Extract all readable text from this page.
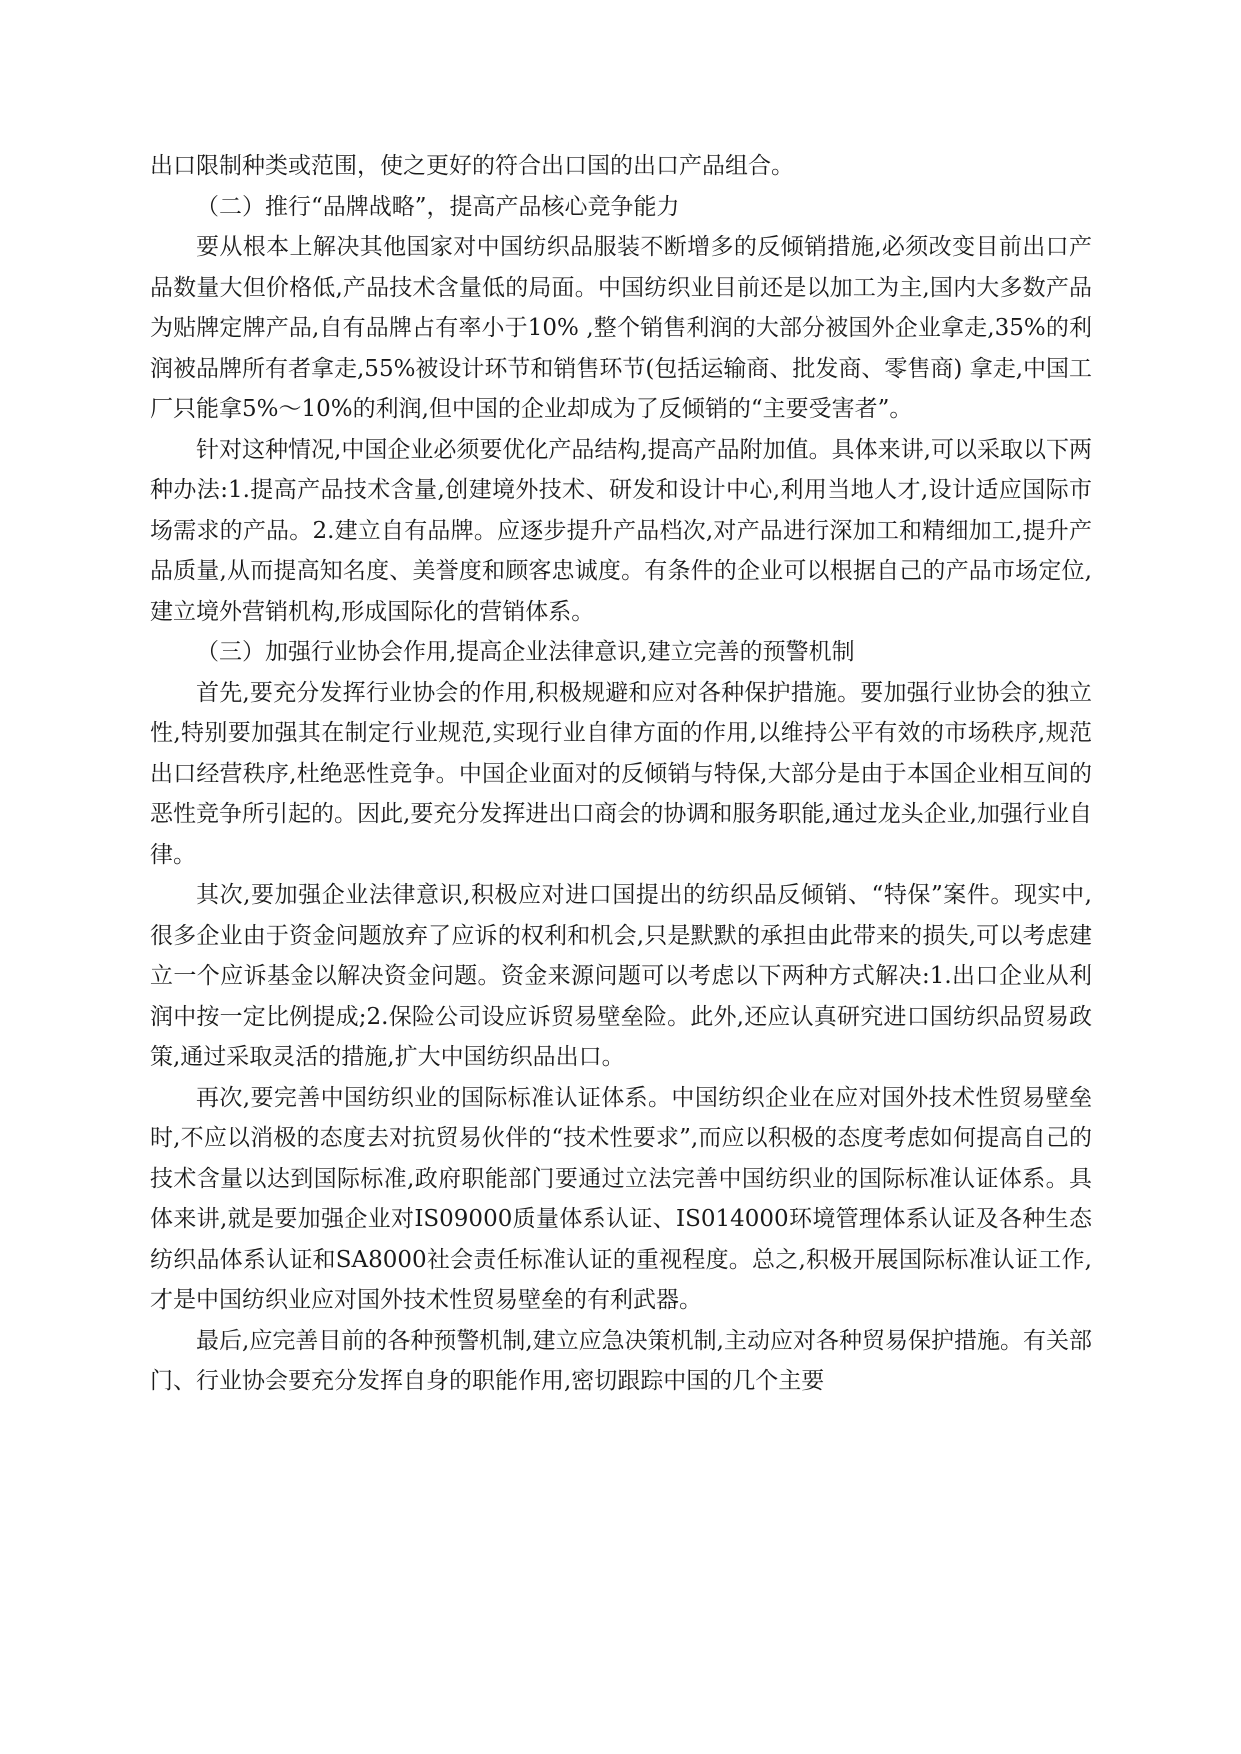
出口限制种类或范围，使之更好的符合出口国的出口产品组合。

（二）推行“品牌战略”，提高产品核心竞争能力

要从根本上解决其他国家对中国纺织品服装不断增多的反倾销措施,必须改变目前出口产品数量大但价格低,产品技术含量低的局面。中国纺织业目前还是以加工为主,国内大多数产品为贴牌定牌产品,自有品牌占有率小于10% ,整个销售利润的大部分被国外企业拿走,35%的利润被品牌所有者拿走,55%被设计环节和销售环节(包括运输商、批发商、零售商) 拿走,中国工厂只能拿5%～10%的利润,但中国的企业却成为了反倾销的“主要受害者”。

针对这种情况,中国企业必须要优化产品结构,提高产品附加值。具体来讲,可以采取以下两种办法:1.提高产品技术含量,创建境外技术、研发和设计中心,利用当地人才,设计适应国际市场需求的产品。2.建立自有品牌。应逐步提升产品档次,对产品进行深加工和精细加工,提升产品质量,从而提高知名度、美誉度和顾客忠诚度。有条件的企业可以根据自己的产品市场定位,建立境外营销机构,形成国际化的营销体系。

（三）加强行业协会作用,提高企业法律意识,建立完善的预警机制

首先,要充分发挥行业协会的作用,积极规避和应对各种保护措施。要加强行业协会的独立性,特别要加强其在制定行业规范,实现行业自律方面的作用,以维持公平有效的市场秩序,规范出口经营秩序,杜绝恶性竞争。中国企业面对的反倾销与特保,大部分是由于本国企业相互间的恶性竞争所引起的。因此,要充分发挥进出口商会的协调和服务职能,通过龙头企业,加强行业自律。

其次,要加强企业法律意识,积极应对进口国提出的纺织品反倾销、“特保”案件。现实中,很多企业由于资金问题放弃了应诉的权利和机会,只是默默的承担由此带来的损失,可以考虑建立一个应诉基金以解决资金问题。资金来源问题可以考虑以下两种方式解决:1.出口企业从利润中按一定比例提成;2.保险公司设应诉贸易壁垒险。此外,还应认真研究进口国纺织品贸易政策,通过采取灵活的措施,扩大中国纺织品出口。

再次,要完善中国纺织业的国际标准认证体系。中国纺织企业在应对国外技术性贸易壁垒时,不应以消极的态度去对抗贸易伙伴的“技术性要求”,而应以积极的态度考虑如何提高自己的技术含量以达到国际标准,政府职能部门要通过立法完善中国纺织业的国际标准认证体系。具体来讲,就是要加强企业对IS09000质量体系认证、IS014000环境管理体系认证及各种生态纺织品体系认证和SA8000社会责任标准认证的重视程度。总之,积极开展国际标准认证工作,才是中国纺织业应对国外技术性贸易壁垒的有利武器。

最后,应完善目前的各种预警机制,建立应急决策机制,主动应对各种贸易保护措施。有关部门、行业协会要充分发挥自身的职能作用,密切跟踪中国的几个主要
